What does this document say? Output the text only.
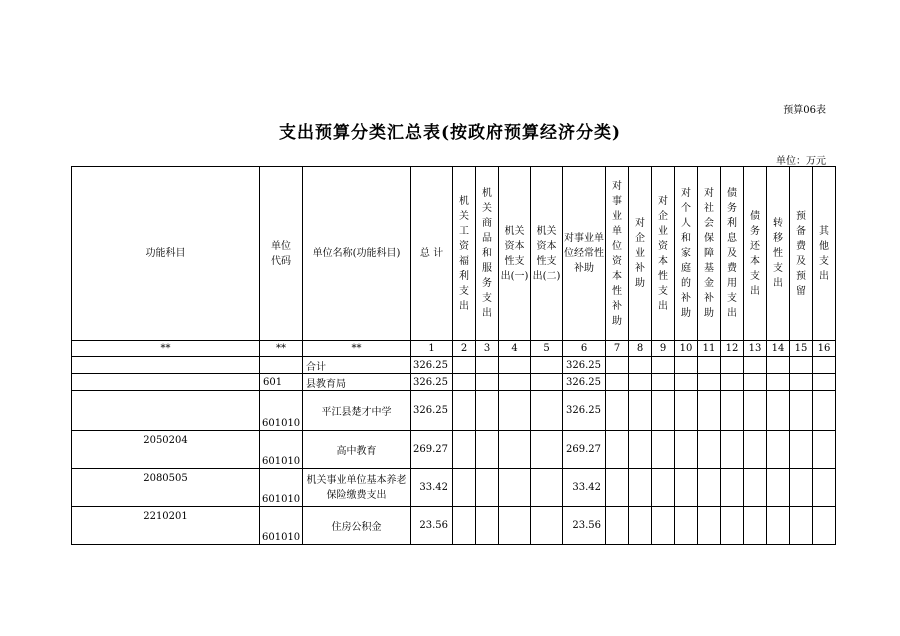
预算06表
支出预算分类汇总表(按政府预算经济分类)
单位：万元
功能科目	单位代码	单位名称(功能科目)	总 计	机关工资福利支出	机关商品和服务支出	机关资本性支出(一)	机关资本性支出(二)	对事业单位经常性补助	对事业单位资本性补助	对企业补助	对企业资本性支出	对个人和家庭的补助	对社会保障基金补助	债务利息及费用支出	债务还本支出	转移性支出	预备费及预留	其他支出
**	**	**	1	2	3	4	5	6	7	8	9	10	11	12	13	14	15	16
		合计	326.25					326.25										
	601	县教育局	326.25					326.25										
	601010	平江县楚才中学	326.25					326.25										
2050204	601010	高中教育	269.27					269.27										
2080505	601010	机关事业单位基本养老保险缴费支出	33.42					33.42										
2210201	601010	住房公积金	23.56					23.56										
